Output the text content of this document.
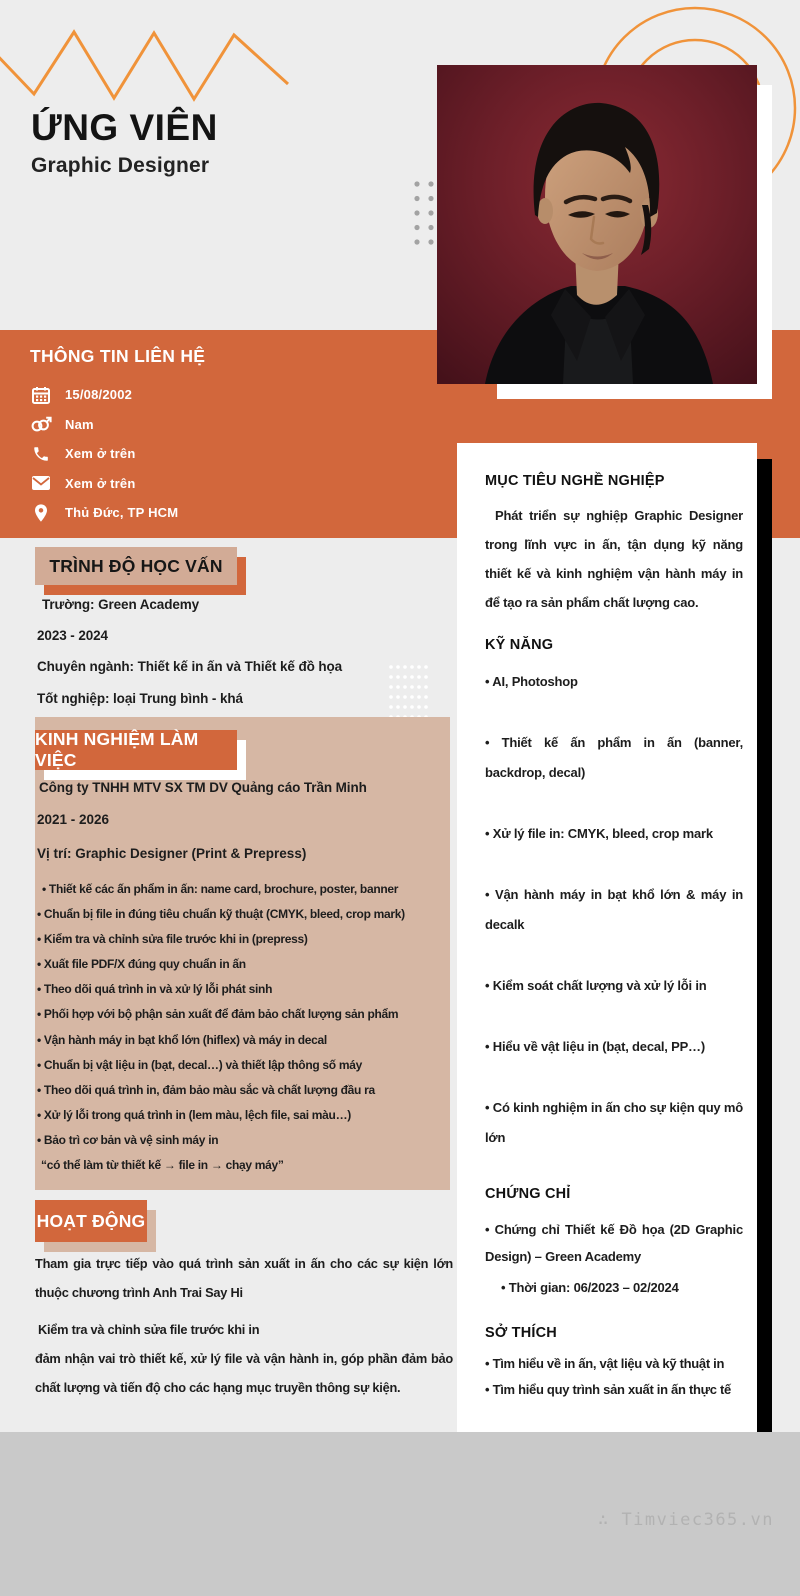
ỨNG VIÊN
Graphic Designer
THÔNG TIN LIÊN HỆ
15/08/2002
Nam
Xem ở trên
Xem ở trên
Thủ Đức, TP HCM
TRÌNH ĐỘ HỌC VẤN
Trường: Green Academy
2023 - 2024
Chuyên ngành: Thiết kế in ấn và Thiết kế đồ họa
Tốt nghiệp: loại Trung bình - khá
KINH NGHIỆM LÀM VIỆC
Công ty TNHH MTV SX TM DV Quảng cáo Trần Minh
2021 - 2026
Vị trí: Graphic Designer (Print & Prepress)
• Thiết kế các ấn phẩm in ấn: name card, brochure, poster, banner
• Chuẩn bị file in đúng tiêu chuẩn kỹ thuật (CMYK, bleed, crop mark)
• Kiểm tra và chỉnh sửa file trước khi in (prepress)
• Xuất file PDF/X đúng quy chuẩn in ấn
• Theo dõi quá trình in và xử lý lỗi phát sinh
• Phối hợp với bộ phận sản xuất để đảm bảo chất lượng sản phẩm
• Vận hành máy in bạt khổ lớn (hiflex) và máy in decal
• Chuẩn bị vật liệu in (bạt, decal…) và thiết lập thông số máy
• Theo dõi quá trình in, đảm bảo màu sắc và chất lượng đầu ra
• Xử lý lỗi trong quá trình in (lem màu, lệch file, sai màu…)
• Bảo trì cơ bản và vệ sinh máy in
“có thể làm từ thiết kế → file in → chạy máy”
HOẠT ĐỘNG
Tham gia trực tiếp vào quá trình sản xuất in ấn cho các sự kiện lớn thuộc chương trình Anh Trai Say Hi
Kiểm tra và chỉnh sửa file trước khi in
đảm nhận vai trò thiết kế, xử lý file và vận hành in, góp phần đảm bảo chất lượng và tiến độ cho các hạng mục truyền thông sự kiện.
MỤC TIÊU NGHỀ NGHIỆP

Phát triển sự nghiệp Graphic Designer trong lĩnh vực in ấn, tận dụng kỹ năng thiết kế và kinh nghiệm vận hành máy in để tạo ra sản phẩm chất lượng cao.

KỸ NĂNG
• AI, Photoshop
• Thiết kế ấn phẩm in ấn (banner, backdrop, decal)
• Xử lý file in: CMYK, bleed, crop mark
• Vận hành máy in bạt khổ lớn & máy in decalk
• Kiểm soát chất lượng và xử lý lỗi in
• Hiểu về vật liệu in (bạt, decal, PP…)
• Có kinh nghiệm in ấn cho sự kiện quy mô lớn
CHỨNG CHỈ
• Chứng chỉ Thiết kế Đồ họa (2D Graphic Design) – Green Academy
• Thời gian: 06/2023 – 02/2024
SỞ THÍCH
• Tìm hiểu về in ấn, vật liệu và kỹ thuật in
• Tìm hiểu quy trình sản xuất in ấn thực tế
∴ Timviec365.vn
